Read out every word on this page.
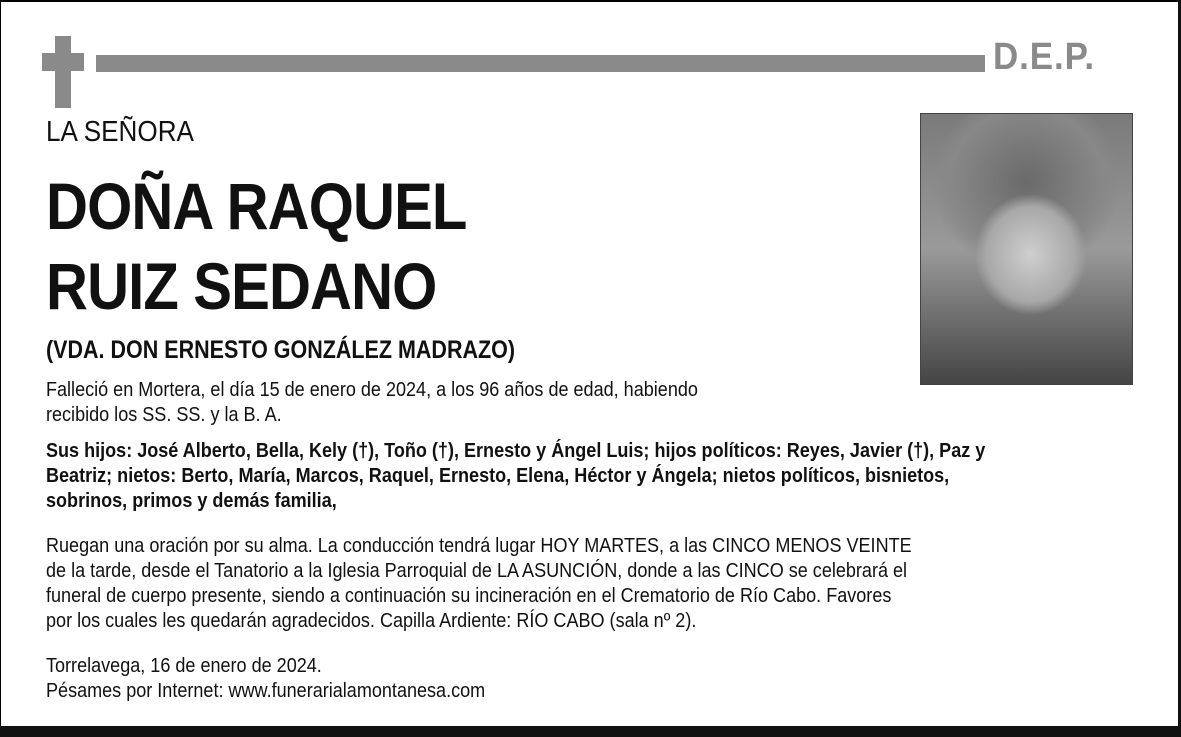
D.E.P.
LA SEÑORA
DOÑA RAQUEL
RUIZ SEDANO
(VDA. DON ERNESTO GONZÁLEZ MADRAZO)
Falleció en Mortera, el día 15 de enero de 2024, a los 96 años de edad, habiendo
recibido los SS. SS. y la B. A.
Sus hijos: José Alberto, Bella, Kely (†), Toño (†), Ernesto y Ángel Luis; hijos políticos: Reyes, Javier (†), Paz y
Beatriz; nietos: Berto, María, Marcos, Raquel, Ernesto, Elena, Héctor y Ángela; nietos políticos, bisnietos,
sobrinos, primos y demás familia,
Ruegan una oración por su alma. La conducción tendrá lugar HOY MARTES, a las CINCO MENOS VEINTE
de la tarde, desde el Tanatorio a la Iglesia Parroquial de LA ASUNCIÓN, donde a las CINCO se celebrará el
funeral de cuerpo presente, siendo a continuación su incineración en el Crematorio de Río Cabo. Favores
por los cuales les quedarán agradecidos. Capilla Ardiente: RÍO CABO (sala nº 2).
Torrelavega, 16 de enero de 2024.
Pésames por Internet: www.funerarialamontanesa.com
